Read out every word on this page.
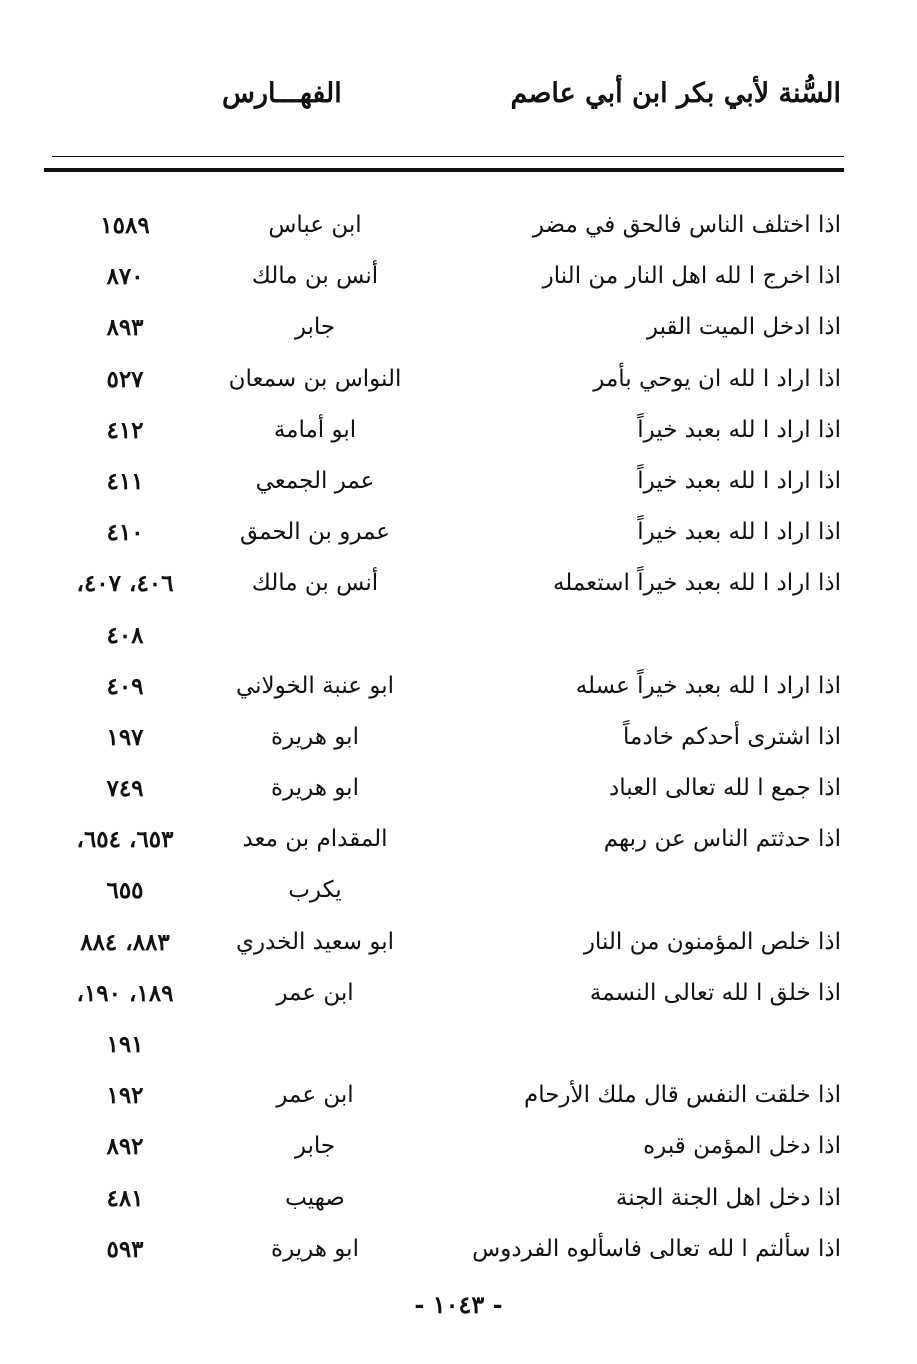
السُّنة لأبي بكر ابن أبي عاصم
الفهـــارس
اذا اختلف الناس فالحق في مضر
ابن عباس
١٥٨٩
اذا اخرج ا لله اهل النار من النار
أنس بن مالك
٨٧٠
اذا ادخل الميت القبر
جابر
٨٩٣
اذا اراد ا لله ان يوحي بأمر
النواس بن سمعان
٥٢٧
اذا اراد ا لله بعبد خيراً
ابو أمامة
٤١٢
اذا اراد ا لله بعبد خيراً
عمر الجمعي
٤١١
اذا اراد ا لله بعبد خيراً
عمرو بن الحمق
٤١٠
اذا اراد ا لله بعبد خيراً استعمله
أنس بن مالك
٤٠٦، ٤٠٧،
٤٠٨
اذا اراد ا لله بعبد خيراً عسله
ابو عنبة الخولاني
٤٠٩
اذا اشترى أحدكم خادماً
ابو هريرة
١٩٧
اذا جمع ا لله تعالى العباد
ابو هريرة
٧٤٩
اذا حدثتم الناس عن ربهم
المقدام بن معد
٦٥٣، ٦٥٤،
يكرب
٦٥٥
اذا خلص المؤمنون من النار
ابو سعيد الخدري
٨٨٣، ٨٨٤
اذا خلق ا لله تعالى النسمة
ابن عمر
١٨٩، ١٩٠،
١٩١
اذا خلقت النفس قال ملك الأرحام
ابن عمر
١٩٢
اذا دخل المؤمن قبره
جابر
٨٩٢
اذا دخل اهل الجنة الجنة
صهيب
٤٨١
اذا سألتم ا لله تعالى فاسألوه الفردوس
ابو هريرة
٥٩٣
- ١٠٤٣ -
